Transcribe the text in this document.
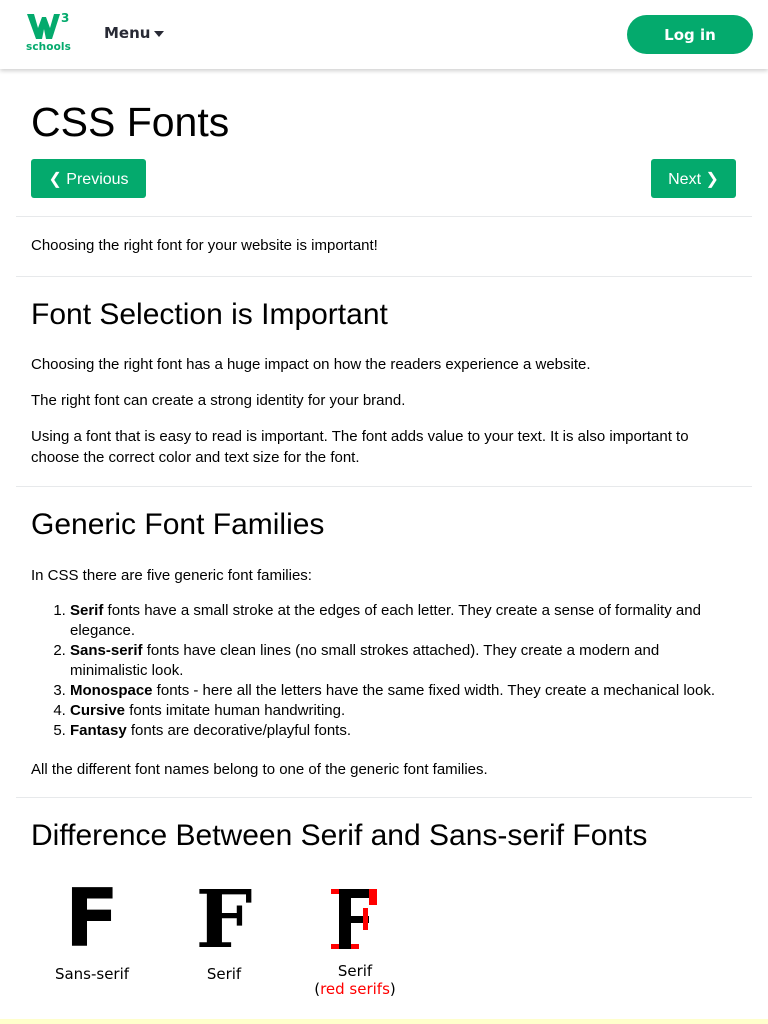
3
schools
Menu	Log in
CSS Fonts
❮ Previous	Next ❯

Choosing the right font for your website is important!

Font Selection is Important

Choosing the right font has a huge impact on how the readers experience a website.

The right font can create a strong identity for your brand.

Using a font that is easy to read is important. The font adds value to your text. It is also important to choose the correct color and text size for the font.

Generic Font Families

In CSS there are five generic font families:

1. Serif fonts have a small stroke at the edges of each letter. They create a sense of formality and elegance.
2. Sans-serif fonts have clean lines (no small strokes attached). They create a modern and minimalistic look.
3. Monospace fonts - here all the letters have the same fixed width. They create a mechanical look.
4. Cursive fonts imitate human handwriting.
5. Fantasy fonts are decorative/playful fonts.

All the different font names belong to one of the generic font families.

Difference Between Serif and Sans-serif Fonts
F
Sans-serif
F
Serif	Serif
(red serifs)
